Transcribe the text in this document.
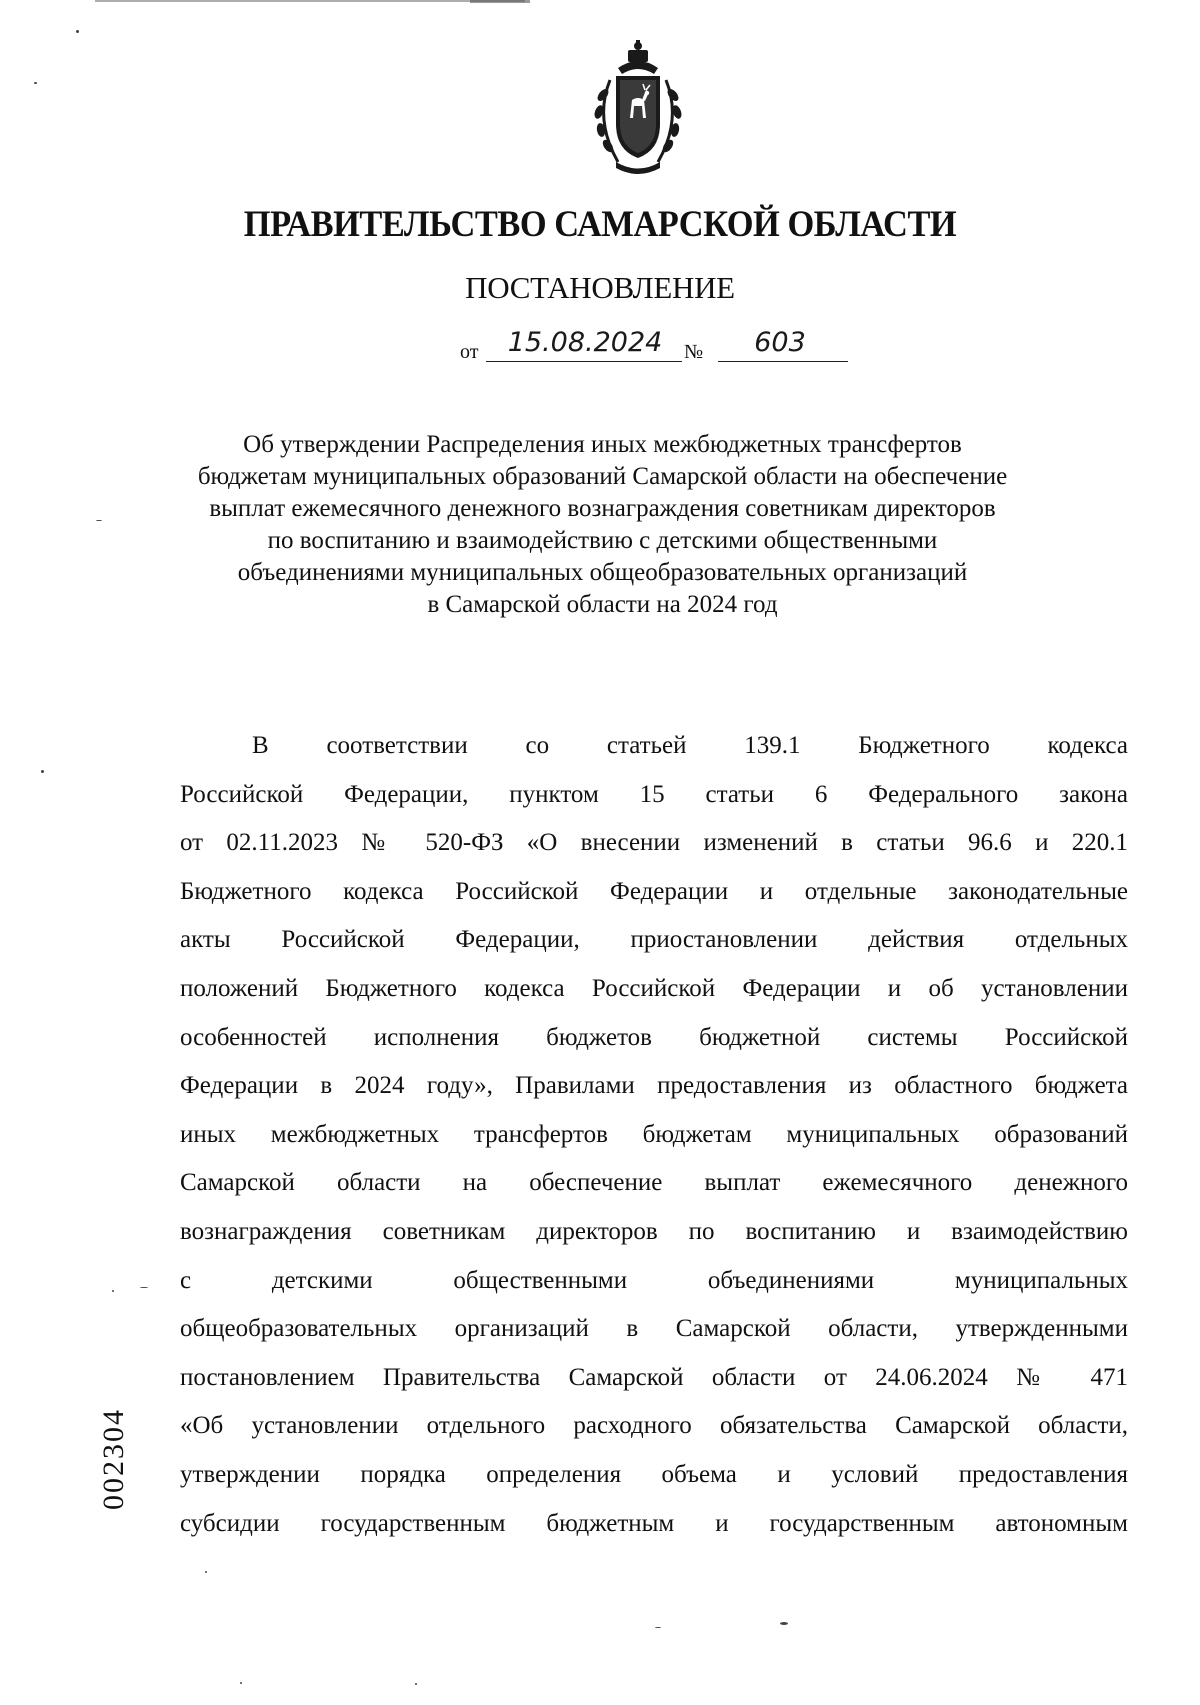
ПРАВИТЕЛЬСТВО САМАРСКОЙ ОБЛАСТИ
ПОСТАНОВЛЕНИЕ
от	15.08.2024	№	603
Об утверждении Распределения иных межбюджетных трансфертов
бюджетам муниципальных образований Самарской области на обеспечение
выплат ежемесячного денежного вознаграждения советникам директоров
по воспитанию и взаимодействию с детскими общественными
объединениями муниципальных общеобразовательных организаций
в Самарской области на 2024 год
В соответствии со статьей 139.1 Бюджетного кодекса
Российской Федерации, пунктом 15 статьи 6 Федерального закона
от 02.11.2023 № 520-ФЗ «О внесении изменений в статьи 96.6 и 220.1
Бюджетного кодекса Российской Федерации и отдельные законодательные
акты Российской Федерации, приостановлении действия отдельных
положений Бюджетного кодекса Российской Федерации и об установлении
особенностей исполнения бюджетов бюджетной системы Российской
Федерации в 2024 году», Правилами предоставления из областного бюджета
иных межбюджетных трансфертов бюджетам муниципальных образований
Самарской области на обеспечение выплат ежемесячного денежного
вознаграждения советникам директоров по воспитанию и взаимодействию
с детскими общественными объединениями муниципальных
общеобразовательных организаций в Самарской области, утвержденными
постановлением Правительства Самарской области от 24.06.2024 № 471
«Об установлении отдельного расходного обязательства Самарской области,
утверждении порядка определения объема и условий предоставления
субсидии государственным бюджетным и государственным автономным
002304
